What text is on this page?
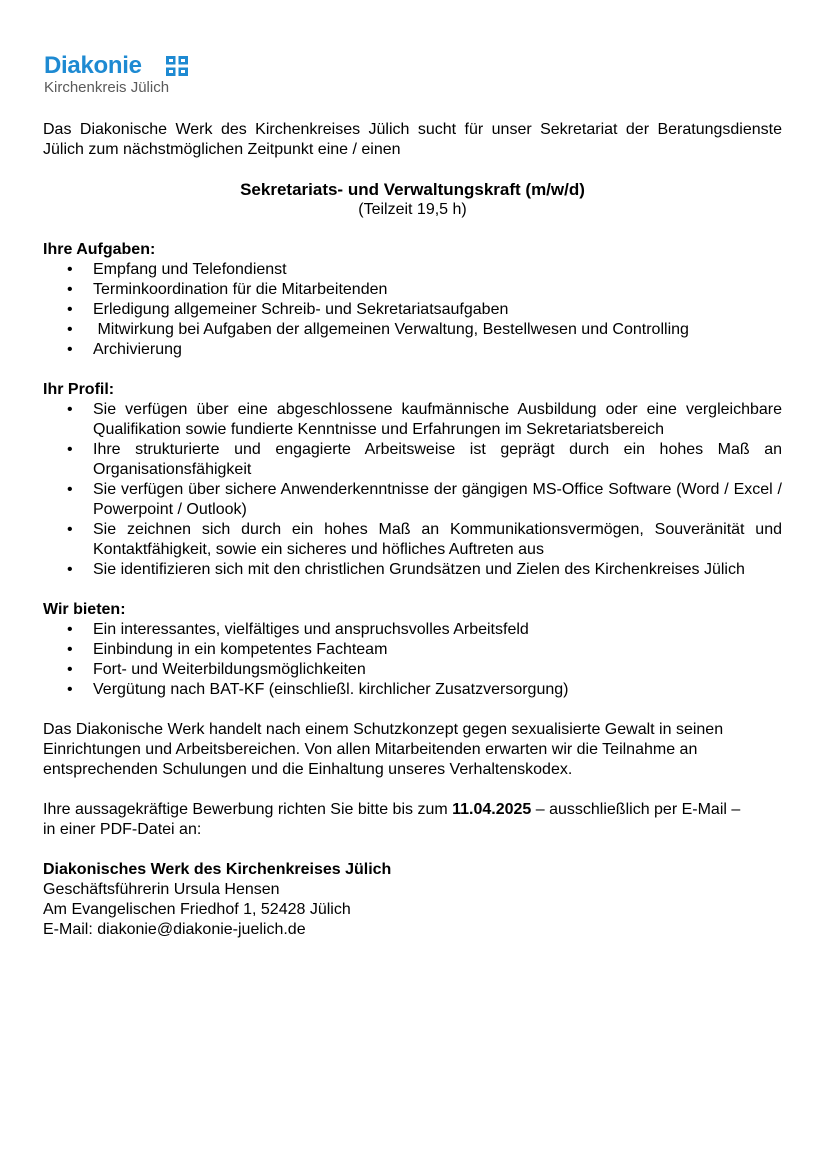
Diakonie
Kirchenkreis Jülich

Das Diakonische Werk des Kirchenkreises Jülich sucht für unser Sekretariat der Beratungsdienste Jülich zum nächstmöglichen Zeitpunkt eine / einen

Sekretariats- und Verwaltungskraft (m/w/d)

(Teilzeit 19,5 h)

Ihre Aufgaben:

• Empfang und Telefondienst
• Terminkoordination für die Mitarbeitenden
• Erledigung allgemeiner Schreib- und Sekretariatsaufgaben
• Mitwirkung bei Aufgaben der allgemeinen Verwaltung, Bestellwesen und Controlling
• Archivierung

Ihr Profil:

• Sie verfügen über eine abgeschlossene kaufmännische Ausbildung oder eine vergleichbare Qualifikation sowie fundierte Kenntnisse und Erfahrungen im Sekretariatsbereich
• Ihre strukturierte und engagierte Arbeitsweise ist geprägt durch ein hohes Maß an Organisationsfähigkeit
• Sie verfügen über sichere Anwenderkenntnisse der gängigen MS-Office Software (Word / Excel / Powerpoint / Outlook)
• Sie zeichnen sich durch ein hohes Maß an Kommunikationsvermögen, Souveränität und Kontaktfähigkeit, sowie ein sicheres und höfliches Auftreten aus
• Sie identifizieren sich mit den christlichen Grundsätzen und Zielen des Kirchenkreises Jülich

Wir bieten:

• Ein interessantes, vielfältiges und anspruchsvolles Arbeitsfeld
• Einbindung in ein kompetentes Fachteam
• Fort- und Weiterbildungsmöglichkeiten
• Vergütung nach BAT-KF (einschließl. kirchlicher Zusatzversorgung)
Das Diakonische Werk handelt nach einem Schutzkonzept gegen sexualisierte Gewalt in seinen
Einrichtungen und Arbeitsbereichen. Von allen Mitarbeitenden erwarten wir die Teilnahme an
entsprechenden Schulungen und die Einhaltung unseres Verhaltenskodex.
Ihre aussagekräftige Bewerbung richten Sie bitte bis zum 11.04.2025 – ausschließlich per E-Mail –
in einer PDF-Datei an:
Diakonisches Werk des Kirchenkreises Jülich
Geschäftsführerin Ursula Hensen
Am Evangelischen Friedhof 1, 52428 Jülich
E-Mail: diakonie@diakonie-juelich.de
